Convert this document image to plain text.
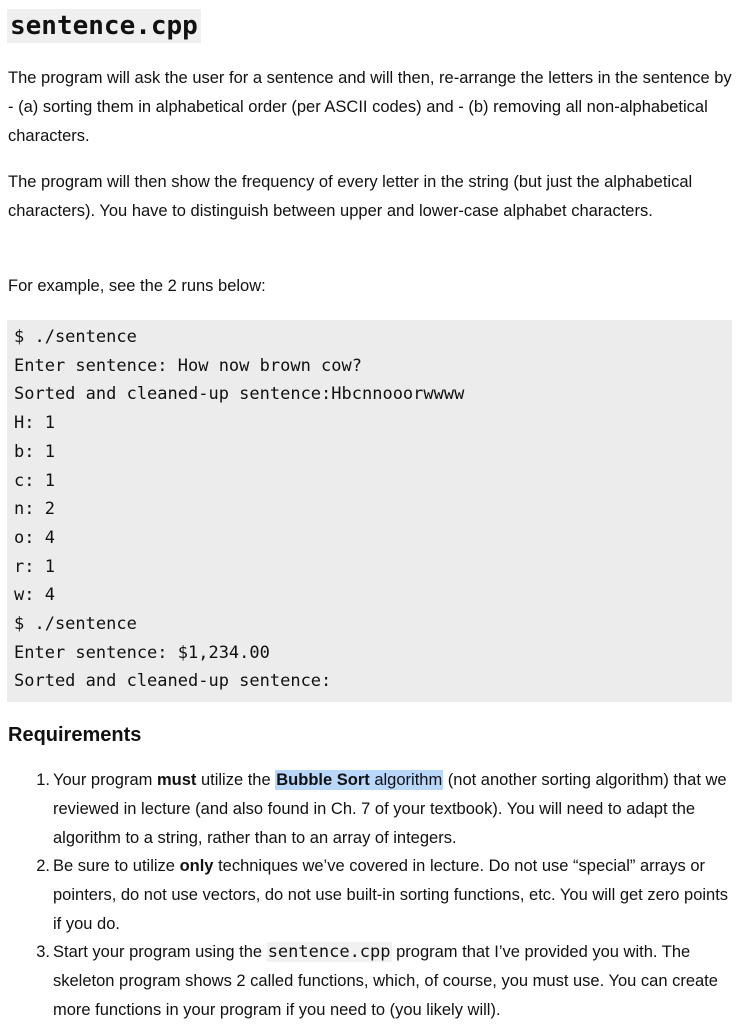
sentence.cpp

The program will ask the user for a sentence and will then, re-arrange the letters in the sentence by - (a) sorting them in alphabetical order (per ASCII codes) and - (b) removing all non-alphabetical characters.

The program will then show the frequency of every letter in the string (but just the alphabetical characters). You have to distinguish between upper and lower-case alphabet characters.

For example, see the 2 runs below:

$ ./sentence
Enter sentence: How now brown cow?
Sorted and cleaned-up sentence:Hbcnnooorwwww
H: 1
b: 1
c: 1
n: 2
o: 4
r: 1
w: 4
$ ./sentence
Enter sentence: $1,234.00
Sorted and cleaned-up sentence:
Requirements
1. Your program must utilize the Bubble Sort algorithm (not another sorting algorithm) that we reviewed in lecture (and also found in Ch. 7 of your textbook). You will need to adapt the algorithm to a string, rather than to an array of integers.
2. Be sure to utilize only techniques we’ve covered in lecture. Do not use “special” arrays or pointers, do not use vectors, do not use built-in sorting functions, etc. You will get zero points if you do.
3. Start your program using the sentence.cpp program that I’ve provided you with. The skeleton program shows 2 called functions, which, of course, you must use. You can create more functions in your program if you need to (you likely will).
